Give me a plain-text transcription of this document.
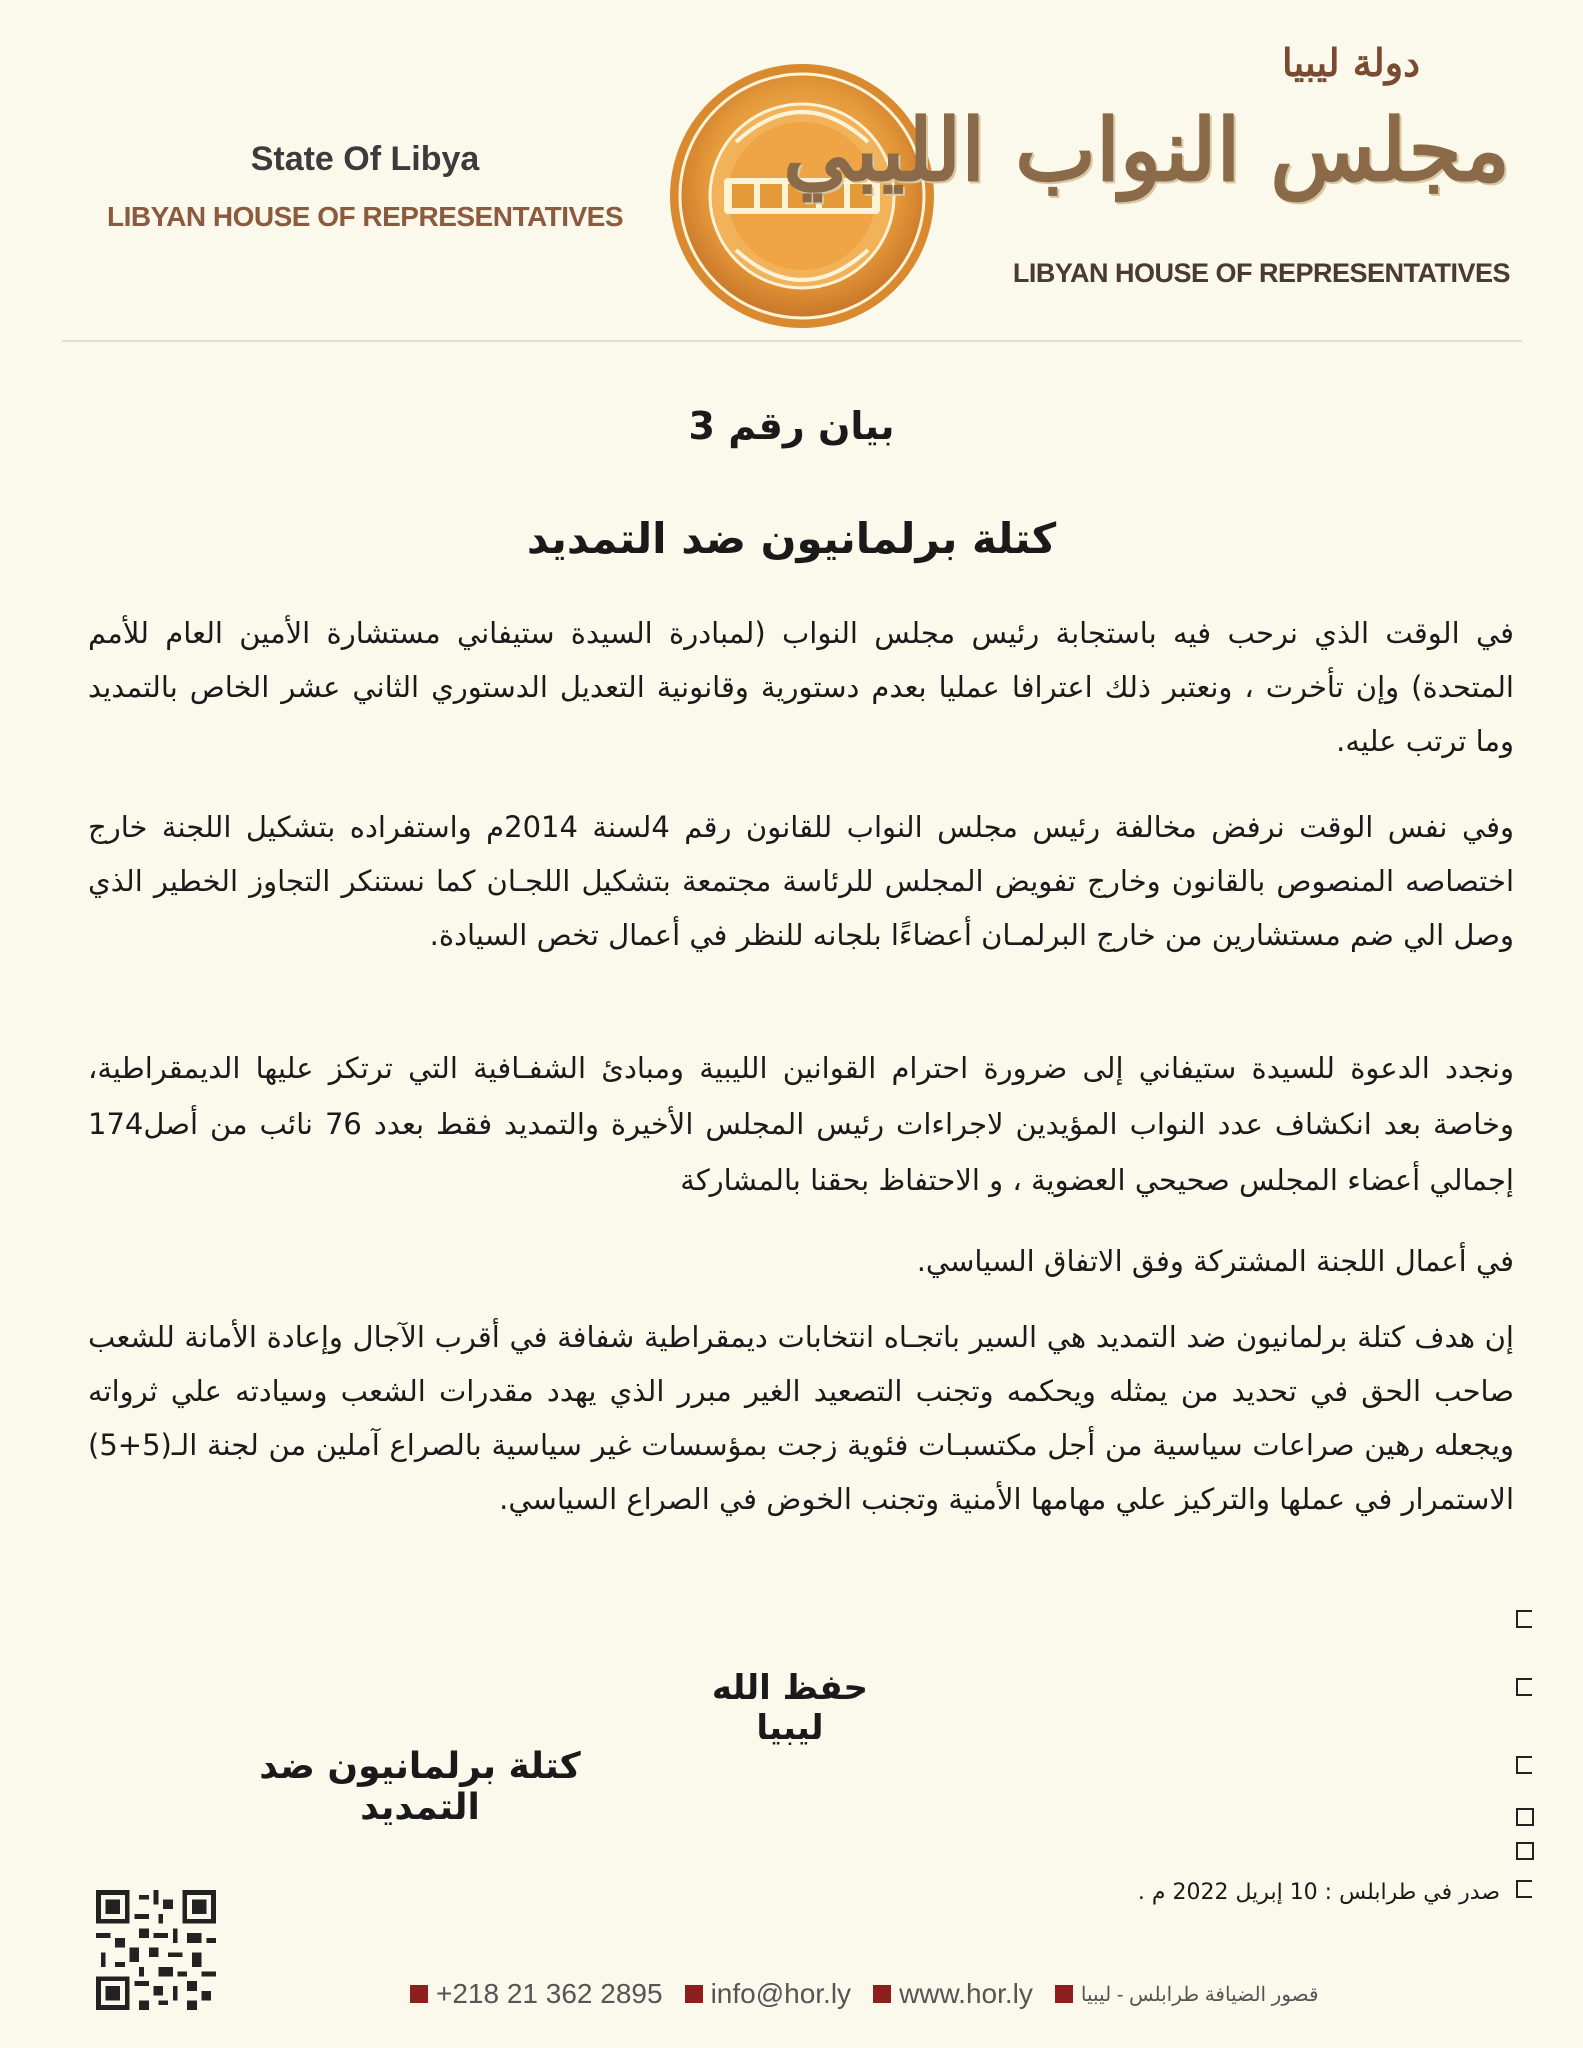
State Of Libya
LIBYAN HOUSE OF REPRESENTATIVES
دولة ليبيا
مجلس النواب الليبي
LIBYAN HOUSE OF REPRESENTATIVES
بيان رقم 3
كتلة برلمانيون ضد التمديد
في الوقت الذي نرحب فيه باستجابة رئيس مجلس النواب (لمبادرة السيدة ستيفاني مستشارة الأمين العام للأمم المتحدة) وإن تأخرت ، ونعتبر ذلك اعترافا عمليا بعدم دستورية وقانونية التعديل الدستوري الثاني عشر الخاص بالتمديد وما ترتب عليه.
وفي نفس الوقت نرفض مخالفة رئيس مجلس النواب للقانون رقم 4لسنة 2014م واستفراده بتشكيل اللجنة خارج اختصاصه المنصوص بالقانون وخارج تفويض المجلس للرئاسة مجتمعة بتشكيل اللجـان كما نستنكر التجاوز الخطير الذي وصل الي ضم مستشارين من خارج البرلمـان أعضاءًا بلجانه للنظر في أعمال تخص السيادة.
ونجدد الدعوة للسيدة ستيفاني إلى ضرورة احترام القوانين الليبية ومبادئ الشفـافية التي ترتكز عليها الديمقراطية، وخاصة بعد انكشاف عدد النواب المؤيدين لاجراءات رئيس المجلس الأخيرة والتمديد فقط بعدد 76 نائب من أصل174 إجمالي أعضاء المجلس صحيحي العضوية ، و الاحتفاظ بحقنا بالمشاركة
في أعمال اللجنة المشتركة وفق الاتفاق السياسي.
إن هدف كتلة برلمانيون ضد التمديد هي السير باتجـاه انتخابات ديمقراطية شفافة في أقرب الآجال وإعادة الأمانة للشعب صاحب الحق في تحديد من يمثله ويحكمه وتجنب التصعيد الغير مبرر الذي يهدد مقدرات الشعب وسيادته علي ثرواته ويجعله رهين صراعات سياسية من أجل مكتسبـات فئوية زجت بمؤسسات غير سياسية بالصراع آملين من لجنة الـ(5+5) الاستمرار في عملها والتركيز علي مهامها الأمنية وتجنب الخوض في الصراع السياسي.
حفظ الله ليبيا
كتلة برلمانيون ضد التمديد
صدر في طرابلس : 10 إبريل 2022 م .
+218 21 362 2895 info@hor.ly www.hor.ly قصور الضيافة طرابلس - ليبيا
